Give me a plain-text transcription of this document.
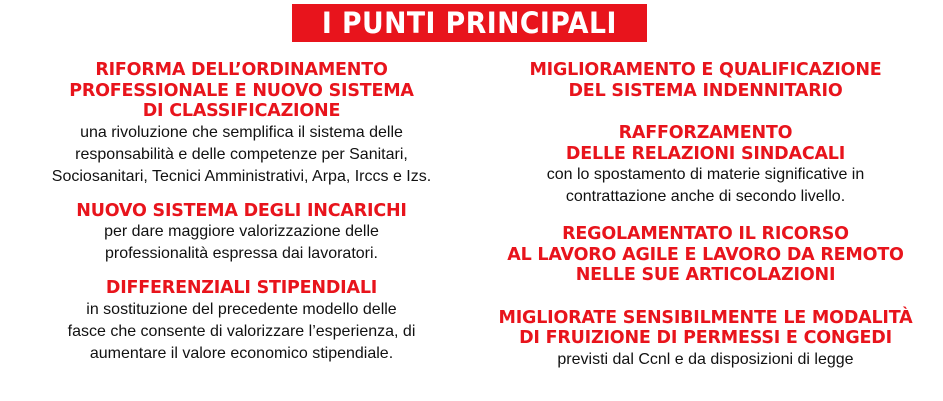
I PUNTI PRINCIPALI
RIFORMA DELL’ORDINAMENTO
PROFESSIONALE E NUOVO SISTEMA
DI CLASSIFICAZIONE
una rivoluzione che semplifica il sistema delle
responsabilità e delle competenze per Sanitari,
Sociosanitari, Tecnici Amministrativi, Arpa, Irccs e Izs.
NUOVO SISTEMA DEGLI INCARICHI
per dare maggiore valorizzazione delle
professionalità espressa dai lavoratori.
DIFFERENZIALI STIPENDIALI
in sostituzione del precedente modello delle
fasce che consente di valorizzare l’esperienza, di
aumentare il valore economico stipendiale.
MIGLIORAMENTO E QUALIFICAZIONE
DEL SISTEMA INDENNITARIO
RAFFORZAMENTO
DELLE RELAZIONI SINDACALI
con lo spostamento di materie significative in
contrattazione anche di secondo livello.
REGOLAMENTATO IL RICORSO
AL LAVORO AGILE E LAVORO DA REMOTO
NELLE SUE ARTICOLAZIONI
MIGLIORATE SENSIBILMENTE LE MODALITÀ
DI FRUIZIONE DI PERMESSI E CONGEDI
previsti dal Ccnl e da disposizioni di legge
